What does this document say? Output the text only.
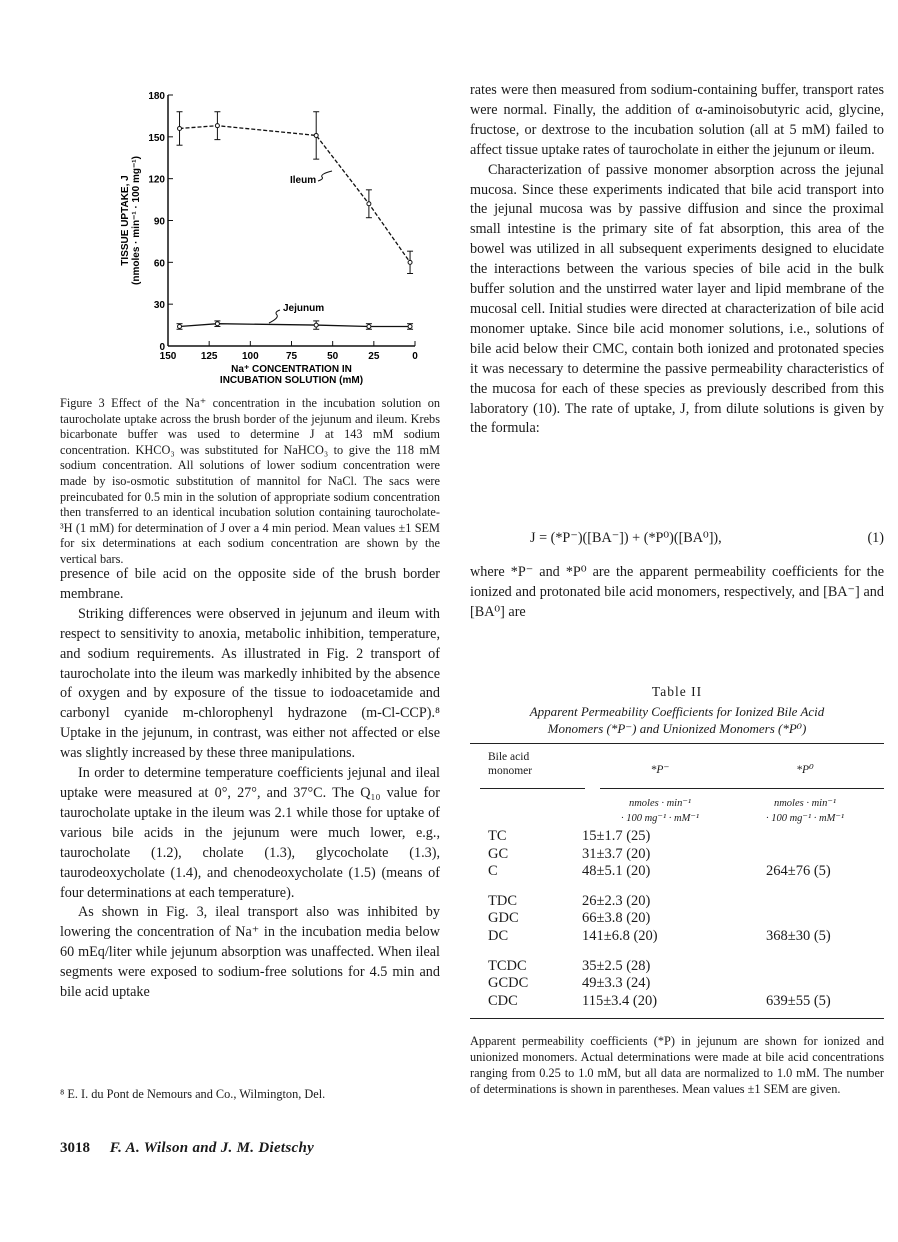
0
30
60
90
120
150
180
150 125 100	75	50	25	0
Na⁺ CONCENTRATION IN
INCUBATION SOLUTION (mM)
TISSUE UPTAKE, J (nmoles · min⁻¹ · 100 mg⁻¹)	Ileum
Jejunum
Figure 3 Effect of the Na⁺ concentration in the incubation solution on taurocholate uptake across the brush border of the jejunum and ileum. Krebs bicarbonate buffer was used to determine J at 143 mM sodium concentration. KHCO₃ was substituted for NaHCO₃ to give the 118 mM sodium concentration. All solutions of lower sodium concentration were made by iso-osmotic substitution of mannitol for NaCl. The sacs were preincubated for 0.5 min in the solution of appropriate sodium concentration then transferred to an identical incubation solution containing taurocholate-³H (1 mM) for determination of J over a 4 min period. Mean values ±1 SEM for six determinations at each sodium concentration are shown by the vertical bars.

presence of bile acid on the opposite side of the brush border membrane.

Striking differences were observed in jejunum and ileum with respect to sensitivity to anoxia, metabolic inhibition, temperature, and sodium requirements. As illustrated in Fig. 2 transport of taurocholate into the ileum was markedly inhibited by the absence of oxygen and by exposure of the tissue to iodoacetamide and carbonyl cyanide m-chlorophenyl hydrazone (m-Cl-CCP).⁸ Uptake in the jejunum, in contrast, was either not affected or else was slightly increased by these three manipulations.

In order to determine temperature coefficients jejunal and ileal uptake were measured at 0°, 27°, and 37°C. The Q₁₀ value for taurocholate uptake in the ileum was 2.1 while those for uptake of various bile acids in the jejunum were much lower, e.g., taurocholate (1.2), cholate (1.3), glycocholate (1.3), taurodeoxycholate (1.4), and chenodeoxycholate (1.5) (means of four determinations at each temperature).

As shown in Fig. 3, ileal transport also was inhibited by lowering the concentration of Na⁺ in the incubation media below 60 mEq/liter while jejunum absorption was unaffected. When ileal segments were exposed to sodium-free solutions for 4.5 min and bile acid uptake

⁸ E. I. du Pont de Nemours and Co., Wilmington, Del.
3018 F. A. Wilson and J. M. Dietschy

rates were then measured from sodium-containing buffer, transport rates were normal. Finally, the addition of α-aminoisobutyric acid, glycine, fructose, or dextrose to the incubation solution (all at 5 mM) failed to affect tissue uptake rates of taurocholate in either the jejunum or ileum.

Characterization of passive monomer absorption across the jejunal mucosa. Since these experiments indicated that bile acid transport into the jejunal mucosa was by passive diffusion and since the proximal small intestine is the primary site of fat absorption, this area of the bowel was utilized in all subsequent experiments designed to elucidate the interactions between the various species of bile acid in the bulk buffer solution and the unstirred water layer and lipid membrane of the mucosal cell. Initial studies were directed at characterization of bile acid monomer uptake. Since bile acid monomer solutions, i.e., solutions of bile acid below their CMC, contain both ionized and protonated species it was necessary to determine the passive permeability characteristics of the mucosa for each of these species as previously described from this laboratory (10). The rate of uptake, J, from dilute solutions is given by the formula:

J = (*P⁻)([BA⁻]) + (*P⁰)([BA⁰]),	(1)

where *P⁻ and *P⁰ are the apparent permeability coefficients for the ionized and protonated bile acid monomers, respectively, and [BA⁻] and [BA⁰] are

Table II
Apparent Permeability Coefficients for Ionized Bile Acid
Monomers (*P⁻) and Unionized Monomers (*P⁰)
Bile acid
monomer	*P⁻	*P⁰
nmoles · min⁻¹
· 100 mg⁻¹ · mM⁻¹
nmoles · min⁻¹
· 100 mg⁻¹ · mM⁻¹
TC	15±1.7 (25)
GC	31±3.7 (20)
C	48±5.1 (20)	264±76 (5)
TDC	26±2.3 (20)
GDC	66±3.8 (20)
DC	141±6.8 (20)	368±30 (5)
TCDC	35±2.5 (28)
GCDC	49±3.3 (24)
CDC	115±3.4 (20)	639±55 (5)
Apparent permeability coefficients (*P) in jejunum are shown for ionized and unionized monomers. Actual determinations were made at bile acid concentrations ranging from 0.25 to 1.0 mM, but all data are normalized to 1.0 mM. The number of determinations is shown in parentheses. Mean values ±1 SEM are given.
